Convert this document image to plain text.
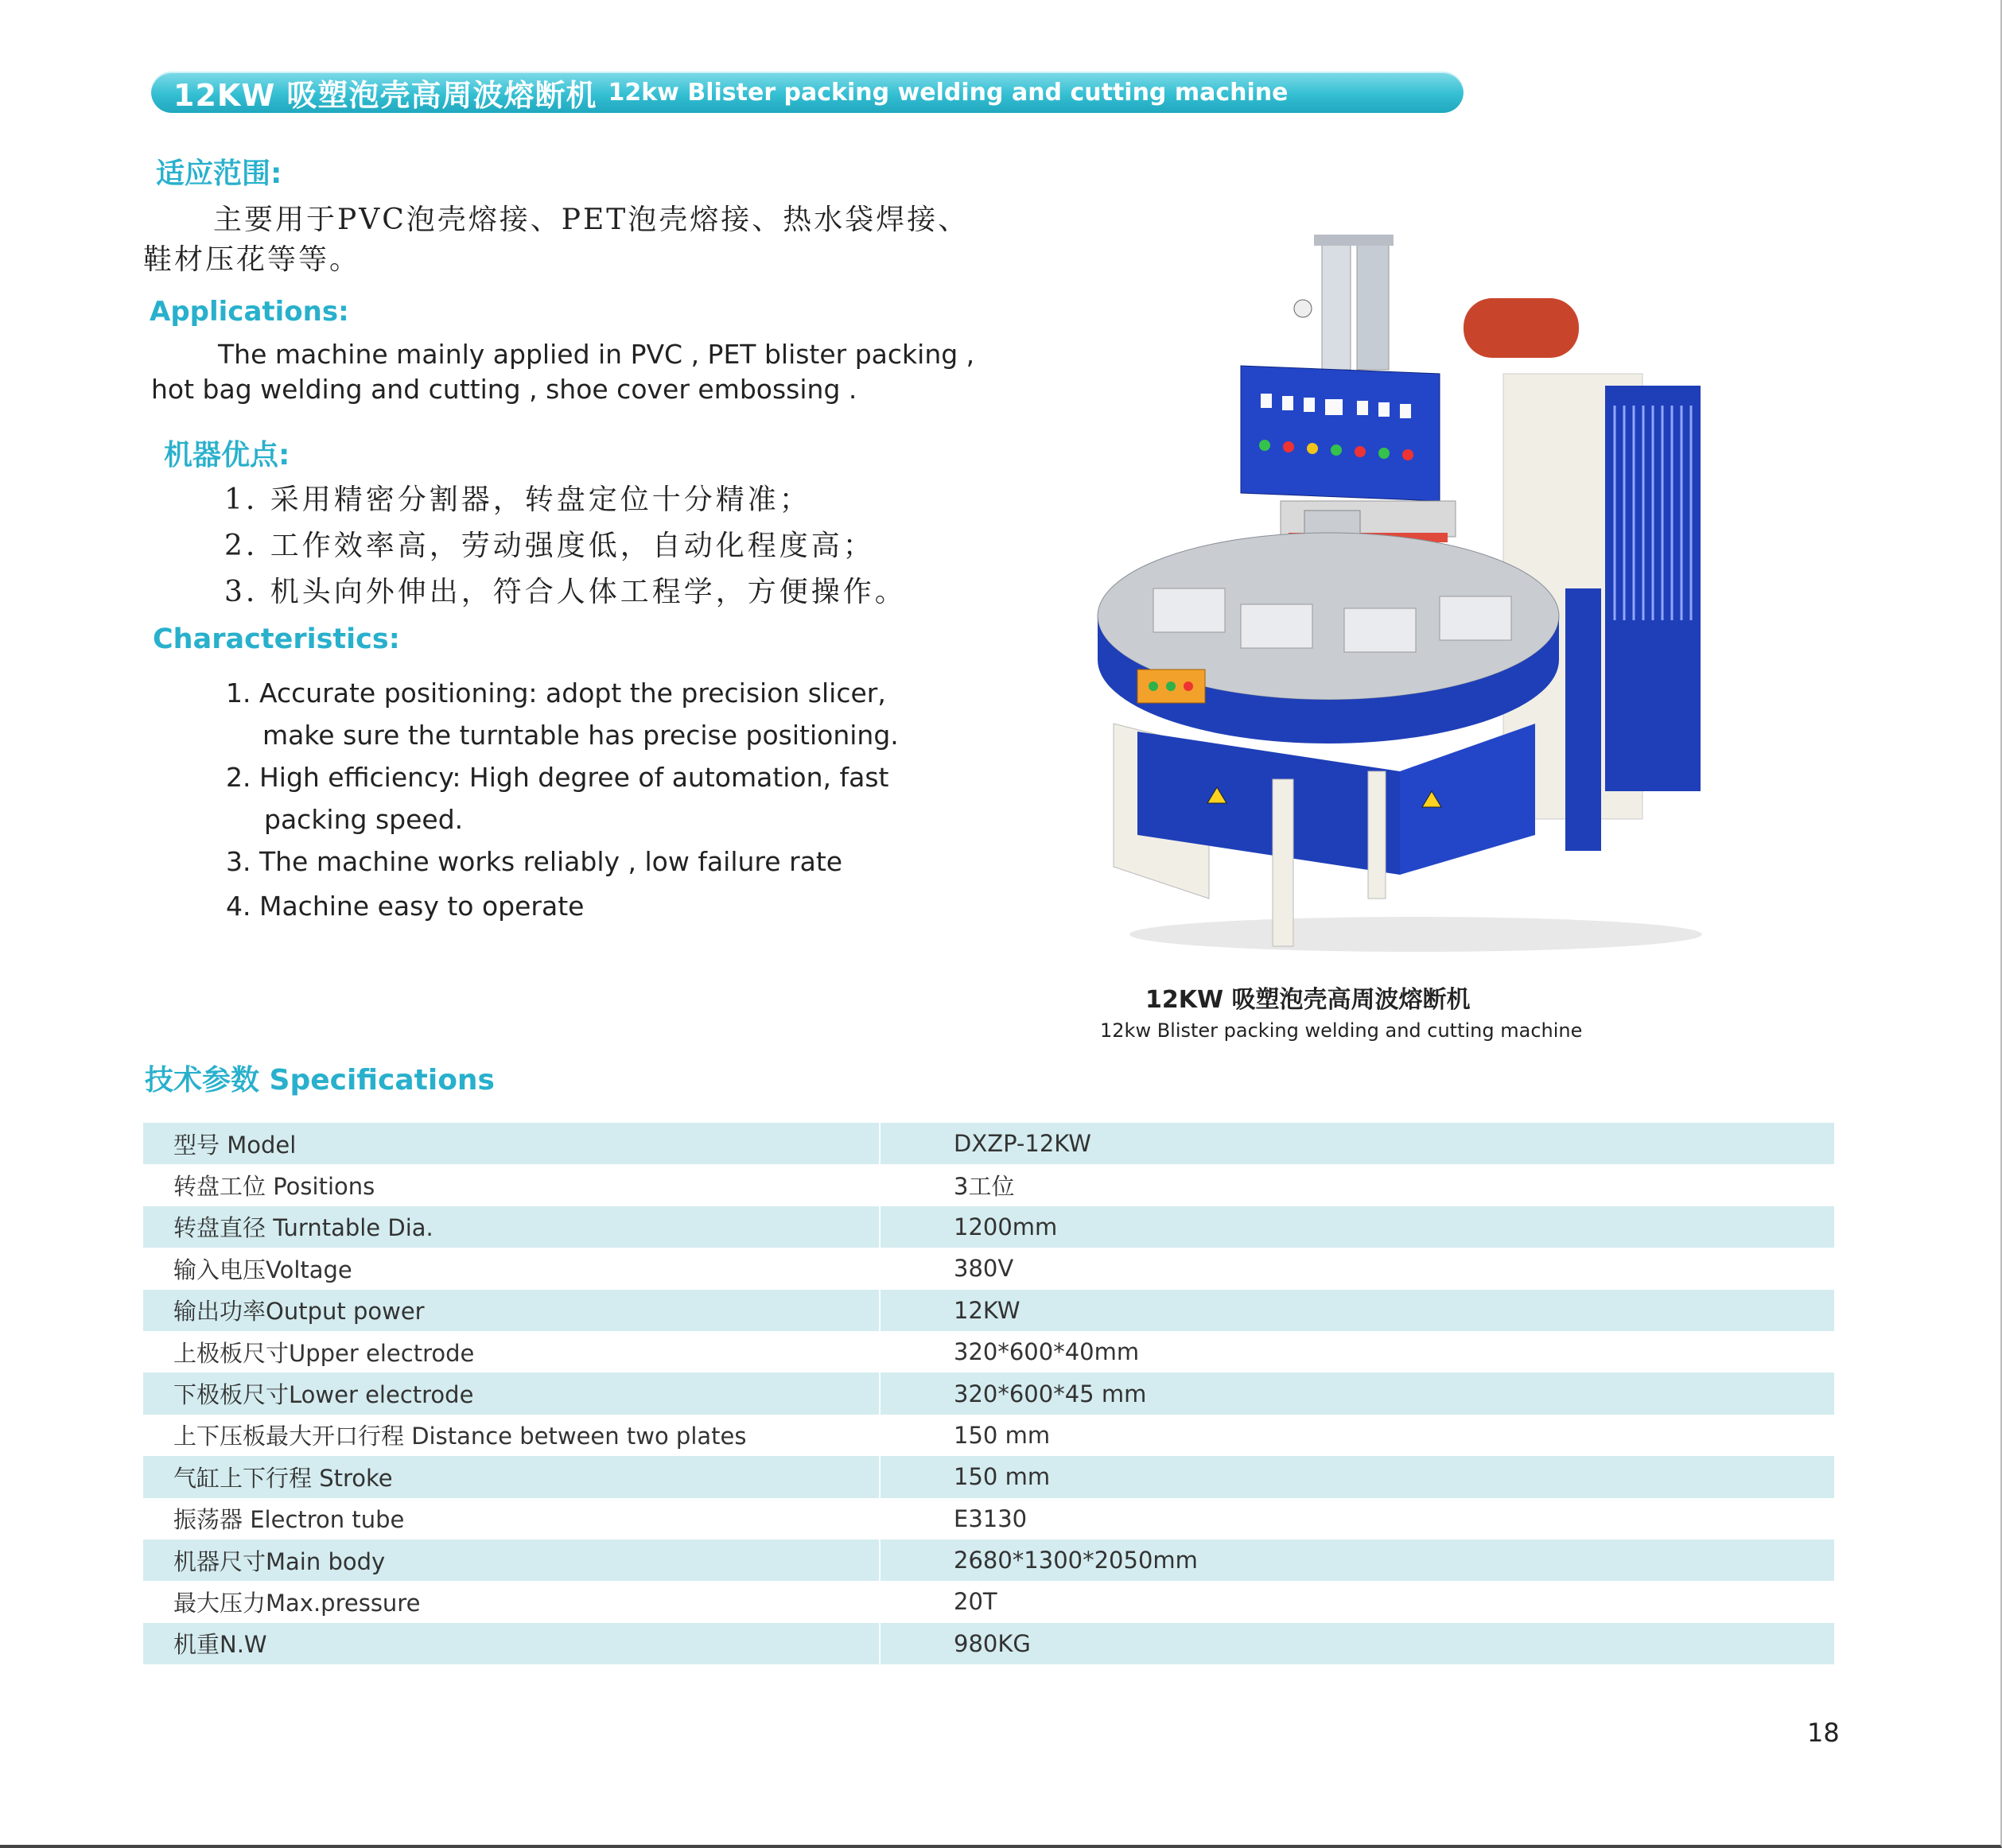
12KW 吸塑泡壳高周波熔断机 12kw Blister packing welding and cutting machine
适应范围:
主要用于PVC泡壳熔接、PET泡壳熔接、热水袋焊接、
鞋材压花等等。
Applications:
The machine mainly applied in PVC , PET blister packing ,
hot bag welding and cutting , shoe cover embossing .
机器优点:
1. 采用精密分割器，转盘定位十分精准；
2. 工作效率高，劳动强度低，自动化程度高；
3. 机头向外伸出，符合人体工程学，方便操作。
Characteristics:
1. Accurate positioning: adopt the precision slicer,
make sure the turntable has precise positioning.
2. High efficiency: High degree of automation, fast
packing speed.
3. The machine works reliably , low failure rate
4. Machine easy to operate
12KW 吸塑泡壳高周波熔断机
12kw Blister packing welding and cutting machine
技术参数 Specifications
型号 Model	DXZP-12KW
转盘工位 Positions	3工位
转盘直径 Turntable Dia.	1200mm
输入电压Voltage	380V
输出功率Output power	12KW
上极板尺寸Upper electrode	320*600*40mm
下极板尺寸Lower electrode	320*600*45 mm
上下压板最大开口行程 Distance between two plates	150 mm
气缸上下行程 Stroke	150 mm
振荡器 Electron tube	E3130
机器尺寸Main body	2680*1300*2050mm
最大压力Max.pressure	20T
机重N.W	980KG
18
